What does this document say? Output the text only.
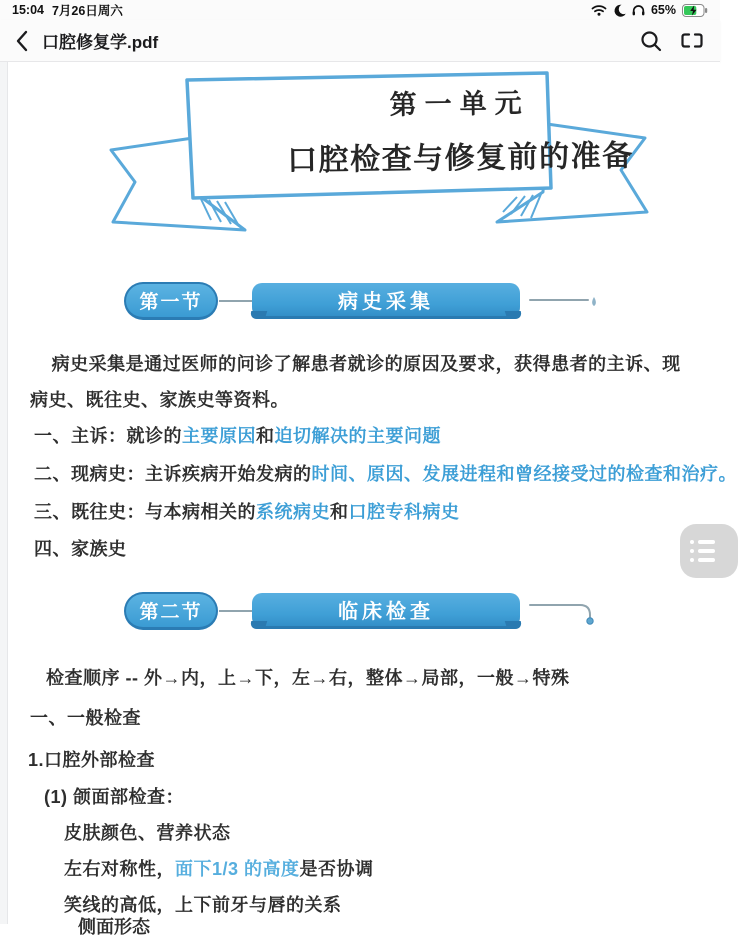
15:04 7月26日周六	65%
口腔修复学.pdf
第一单元
口腔检查与修复前的准备
第一节	病史采集
病史采集是通过医师的问诊了解患者就诊的原因及要求，获得患者的主诉、现病史、既往史、家族史等资料。
一、主诉：就诊的主要原因和迫切解决的主要问题
二、现病史：主诉疾病开始发病的时间、原因、发展进程和曾经接受过的检查和治疗。
三、既往史：与本病相关的系统病史和口腔专科病史
四、家族史
第二节	临床检查
检查顺序 -- 外→内，上→下，左→右，整体→局部，一般→特殊
一、一般检查
1.口腔外部检查
(1) 颌面部检查：
皮肤颜色、营养状态
左右对称性，面下1/3 的高度是否协调
笑线的高低，上下前牙与唇的关系
侧面形态
